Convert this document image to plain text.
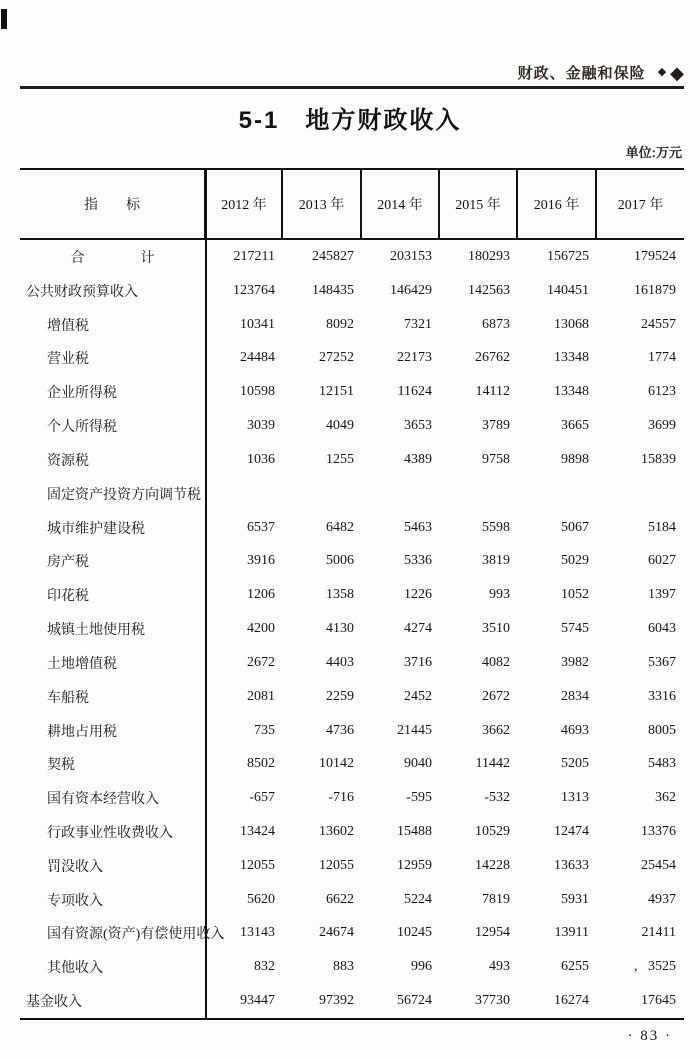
财政、金融和保险 ◆ ◆
5-1　地方财政收入
单位:万元
指　　标	2012 年	2013 年	2014 年	2015 年	2016 年	2017 年
合　　　　计	217211	245827	203153	180293	156725	179524
公共财政预算收入	123764	148435	146429	142563	140451	161879
增值税	10341	8092	7321	6873	13068	24557
营业税	24484	27252	22173	26762	13348	1774
企业所得税	10598	12151	11624	14112	13348	6123
个人所得税	3039	4049	3653	3789	3665	3699
资源税	1036	1255	4389	9758	9898	15839
固定资产投资方向调节税
城市维护建设税	6537	6482	5463	5598	5067	5184
房产税	3916	5006	5336	3819	5029	6027
印花税	1206	1358	1226	993	1052	1397
城镇土地使用税	4200	4130	4274	3510	5745	6043
土地增值税	2672	4403	3716	4082	3982	5367
车船税	2081	2259	2452	2672	2834	3316
耕地占用税	735	4736	21445	3662	4693	8005
契税	8502	10142	9040	11442	5205	5483
国有资本经营收入	-657	-716	-595	-532	1313	362
行政事业性收费收入	13424	13602	15488	10529	12474	13376
罚没收入	12055	12055	12959	14228	13633	25454
专项收入	5620	6622	5224	7819	5931	4937
国有资源(资产)有偿使用收入	13143	24674	10245	12954	13911	21411
其他收入	832	883	996	493	6255	,   3525
基金收入	93447	97392	56724	37730	16274	17645
· 83 ·
